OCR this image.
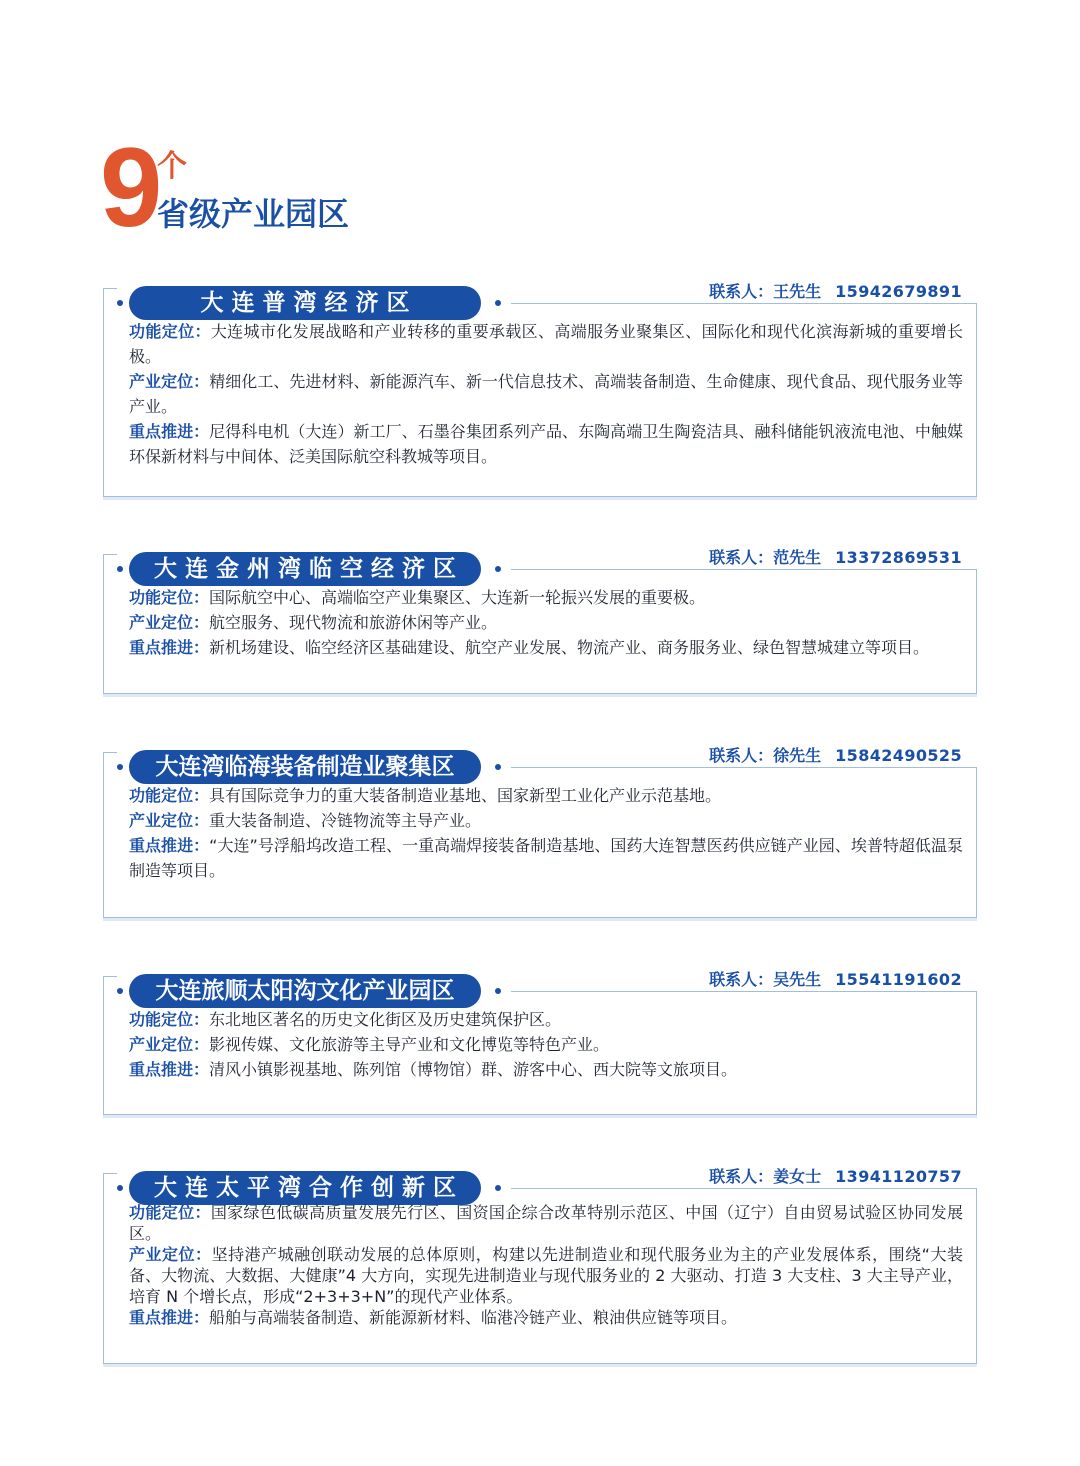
9
个
省级产业园区
大 连 普 湾 经 济 区	联系人：王先生 15942679891

功能定位：大连城市化发展战略和产业转移的重要承载区、高端服务业聚集区、国际化和现代化滨海新城的重要增长极。

产业定位：精细化工、先进材料、新能源汽车、新一代信息技术、高端装备制造、生命健康、现代食品、现代服务业等产业。

重点推进：尼得科电机（大连）新工厂、石墨谷集团系列产品、东陶高端卫生陶瓷洁具、融科储能钒液流电池、中触媒环保新材料与中间体、泛美国际航空科教城等项目。

大 连 金 州 湾 临 空 经 济 区	联系人：范先生 13372869531

功能定位：国际航空中心、高端临空产业集聚区、大连新一轮振兴发展的重要极。

产业定位：航空服务、现代物流和旅游休闲等产业。

重点推进：新机场建设、临空经济区基础建设、航空产业发展、物流产业、商务服务业、绿色智慧城建立等项目。

大连湾临海装备制造业聚集区	联系人：徐先生 15842490525

功能定位：具有国际竞争力的重大装备制造业基地、国家新型工业化产业示范基地。

产业定位：重大装备制造、冷链物流等主导产业。

重点推进：“大连”号浮船坞改造工程、一重高端焊接装备制造基地、国药大连智慧医药供应链产业园、埃普特超低温泵制造等项目。

大连旅顺太阳沟文化产业园区	联系人：吴先生 15541191602

功能定位：东北地区著名的历史文化街区及历史建筑保护区。

产业定位：影视传媒、文化旅游等主导产业和文化博览等特色产业。

重点推进：清风小镇影视基地、陈列馆（博物馆）群、游客中心、西大院等文旅项目。

大 连 太 平 湾 合 作 创 新 区	联系人：姜女士 13941120757

功能定位：国家绿色低碳高质量发展先行区、国资国企综合改革特别示范区、中国（辽宁）自由贸易试验区协同发展区。

产业定位：坚持港产城融创联动发展的总体原则，构建以先进制造业和现代服务业为主的产业发展体系，围绕“大装备、大物流、大数据、大健康”4 大方向，实现先进制造业与现代服务业的 2 大驱动、打造 3 大支柱、3 大主导产业，培育 N 个增长点，形成“2+3+3+N”的现代产业体系。

重点推进：船舶与高端装备制造、新能源新材料、临港冷链产业、粮油供应链等项目。
